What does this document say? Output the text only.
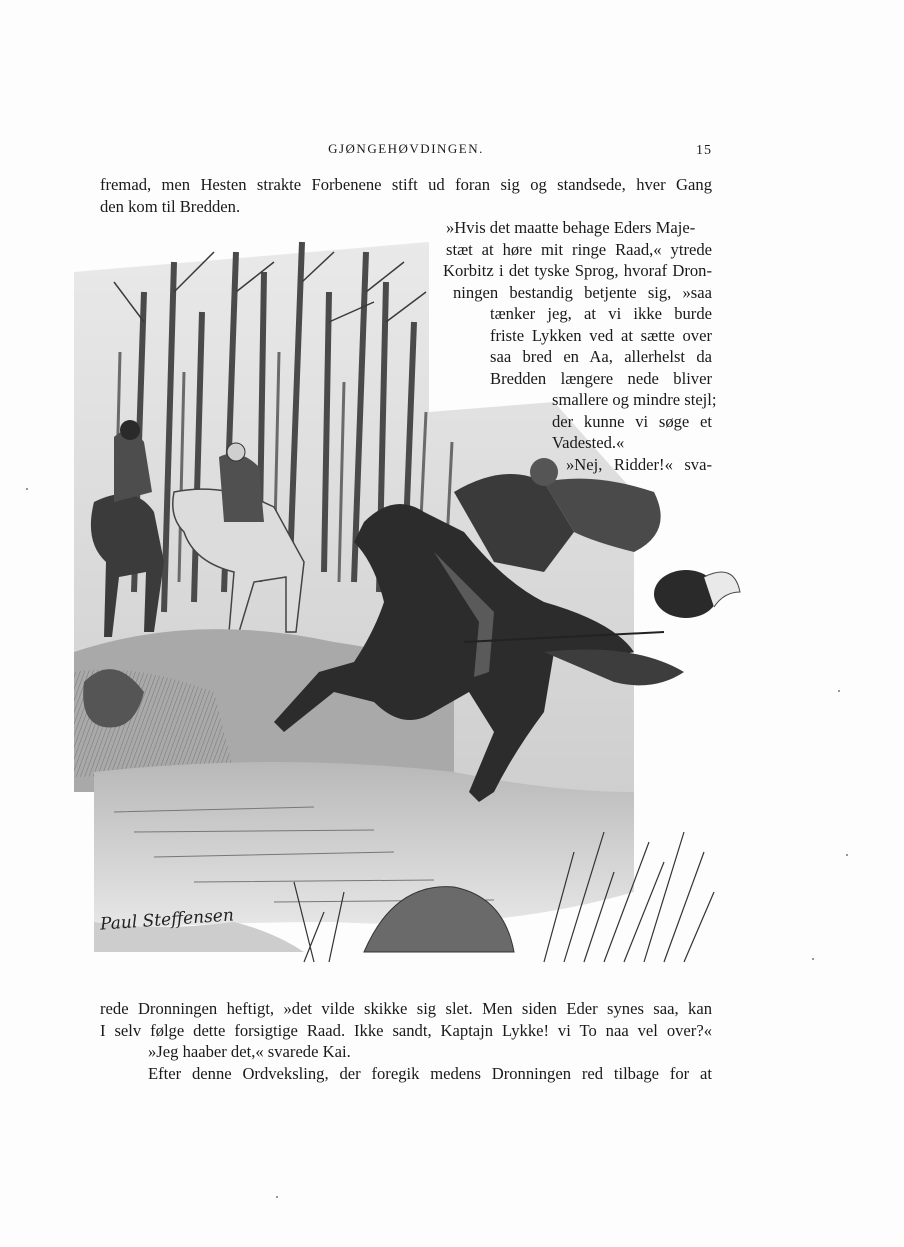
GJØNGEHØVDINGEN.	15
fremad, men Hesten strakte Forbenene stift ud foran sig og standsede, hver Gang
den kom til Bredden.
»Hvis det maatte behage Eders Maje-
stæt at høre mit ringe Raad,« ytrede
Korbitz i det tyske Sprog, hvoraf Dron-
ningen bestandig betjente sig, »saa
tænker jeg, at vi ikke burde
friste Lykken ved at sætte over
saa bred en Aa, allerhelst da
Bredden længere nede bliver
smallere og mindre stejl;
der kunne vi søge et
Vadested.«
»Nej, Ridder!« sva-
Paul Steffensen
rede Dronningen heftigt, »det vilde skikke sig slet. Men siden Eder synes saa, kan
I selv følge dette forsigtige Raad. Ikke sandt, Kaptajn Lykke! vi To naa vel over?«
»Jeg haaber det,« svarede Kai.
Efter denne Ordveksling, der foregik medens Dronningen red tilbage for at
